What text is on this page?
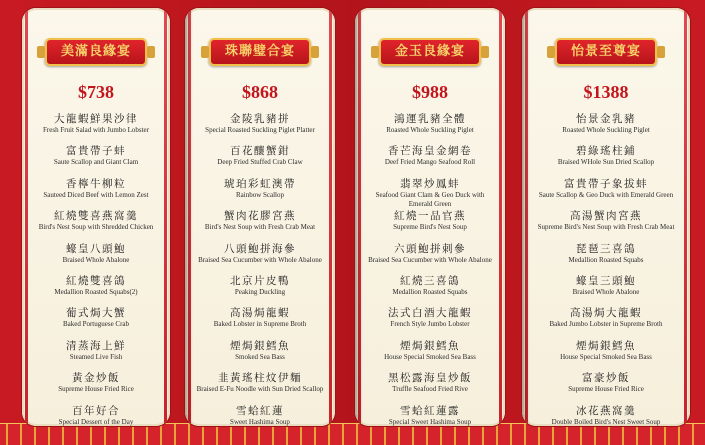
美滿良緣宴
$738
大龍蝦鮮果沙律
Fresh Fruit Salad with Jumbo Lobster
富貴帶子蚌
Saute Scallop and Giant Clam
香檸牛柳粒
Sauteed Diced Beef with Lemon Zest
紅燒雙喜燕窩羹
Bird's Nest Soup with Shredded Chicken
蠔皇八頭鮑
Braised Whole Abalone
紅燒雙喜鴿
Medallion Roasted Squabs(2)
葡式焗大蟹
Baked Portuguese Crab
清蒸海上鮮
Steamed Live Fish
黃金炒飯
Supreme House Fried Rice
百年好合
Special Dessert of the Day
珠聯璧合宴
$868
金陵乳豬拼
Special Roasted Suckling Piglet Platter
百花釀蟹鉗
Deep Fried Stuffed Crab Claw
琥珀彩虹澳帶
Rainbow Scallop
蟹肉花膠宮燕
Bird's Nest Soup with Fresh Crab Meat
八頭鮑拼海參
Braised Sea Cucumber with Whole Abalone
北京片皮鴨
Peaking Duckling
高湯焗龍蝦
Baked Lobster in Supreme Broth
煙焗銀鱈魚
Smoked Sea Bass
韭黃瑤柱炆伊麵
Braised E-Fu Noodle with Sun Dried Scallop
雪蛤紅蓮
Sweet Hashima Soup
金玉良緣宴
$988
鴻運乳豬全體
Roasted Whole Suckling Piglet
香芒海皇金網卷
Deef Fried Mango Seafood Roll
翡翠炒鳳蚌
Seafood Giant Clam & Geo Duck with
Emerald Green
紅燒一品官燕
Supreme Bird's Nest Soup
六頭鮑拼刺參
Braised Sea Cucumber with Whole Abalone
紅燒三喜鴿
Medallion Roasted Squabs
法式白酒大龍蝦
French Style Jumbo Lobster
煙焗銀鱈魚
House Special Smoked Sea Bass
黑松露海皇炒飯
Truffle Seafood Fried Rive
雪蛤紅蓮露
Special Sweet Hashima Soup
怡景至尊宴
$1388
怡景金乳豬
Roasted Whole Suckling Piglet
碧綠瑤柱鋪
Braised WHole Sun Dried Scallop
富貴帶子象拔蚌
Saute Scallop & Geo Duck with Emerald Green
高湯蟹肉宮燕
Supreme Bird's Nest Soup with Fresh Crab Meat
琵琶三喜鴿
Medallion Roasted Squabs
蠔皇三頭鮑
Braised Whole Abalone
高湯焗大龍蝦
Baked Jumbo Lobster in Supreme Broth
煙焗銀鱈魚
House Special Smoked Sea Bass
富豪炒飯
Supreme House Fried Rice
冰花燕窩羹
Double Boiled Bird's Nest Sweet Soup
